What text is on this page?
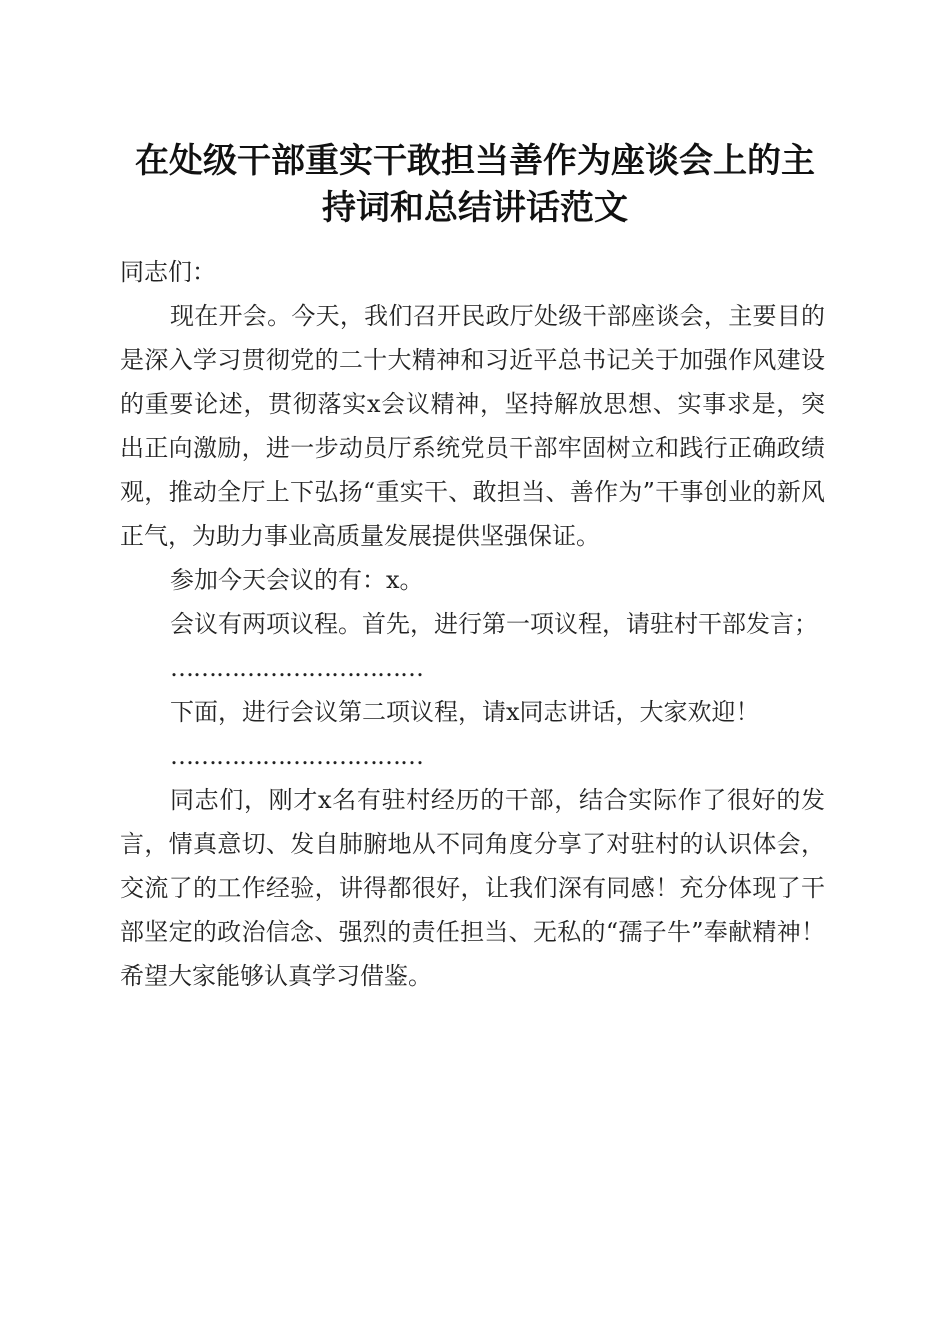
在处级干部重实干敢担当善作为座谈会上的主
持词和总结讲话范文

同志们：

现在开会。今天，我们召开民政厅处级干部座谈会，主要目的是深入学习贯彻党的二十大精神和习近平总书记关于加强作风建设的重要论述，贯彻落实x会议精神，坚持解放思想、实事求是，突出正向激励，进一步动员厅系统党员干部牢固树立和践行正确政绩观，推动全厅上下弘扬“重实干、敢担当、善作为”干事创业的新风正气，为助力事业高质量发展提供坚强保证。

参加今天会议的有：x。

会议有两项议程。首先，进行第一项议程，请驻村干部发言；

……………………………

下面，进行会议第二项议程，请x同志讲话，大家欢迎！

……………………………

同志们，刚才x名有驻村经历的干部，结合实际作了很好的发言，情真意切、发自肺腑地从不同角度分享了对驻村的认识体会，交流了的工作经验，讲得都很好，让我们深有同感！充分体现了干部坚定的政治信念、强烈的责任担当、无私的“孺子牛”奉献精神！希望大家能够认真学习借鉴。
